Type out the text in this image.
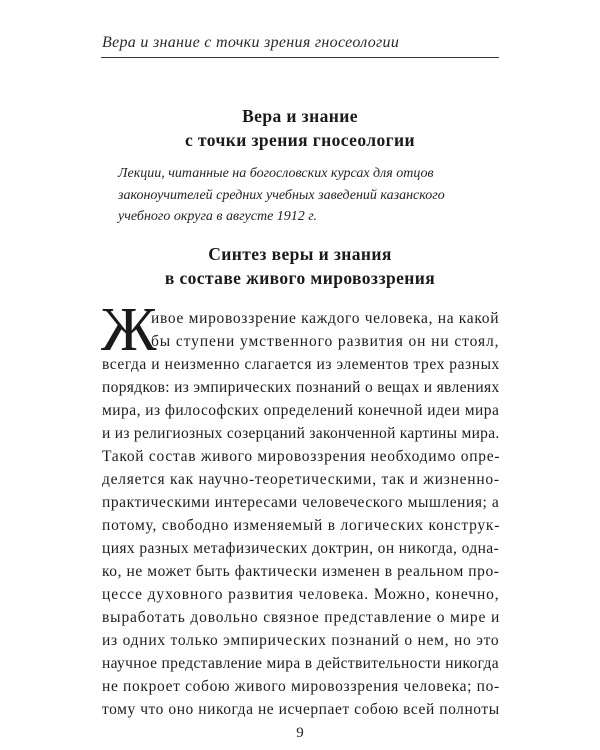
Вера и знание с точки зрения гносеологии
Вера и знание
с точки зрения гносеологии
Лекции, читанные на богословских курсах для отцов
законоучителей средних учебных заведений казанского
учебного округа в августе 1912 г.
Синтез веры и знания
в составе живого мировоззрения
Ж
ивое мировоззрение каждого человека, на какой
бы ступени умственного развития он ни стоял,
всегда и неизменно слагается из элементов трех разных
порядков: из эмпирических познаний о вещах и явлениях
мира, из философских определений конечной идеи мира
и из религиозных созерцаний законченной картины мира.
Такой состав живого мировоззрения необходимо опре-
деляется как научно-теоретическими, так и жизненно-
практическими интересами человеческого мышления; а
потому, свободно изменяемый в логических конструк-
циях разных метафизических доктрин, он никогда, одна-
ко, не может быть фактически изменен в реальном про-
цессе духовного развития человека. Можно, конечно,
выработать довольно связное представление о мире и
из одних только эмпирических познаний о нем, но это
научное представление мира в действительности никогда
не покроет собою живого мировоззрения человека; по-
тому что оно никогда не исчерпает собою всей полноты
9
